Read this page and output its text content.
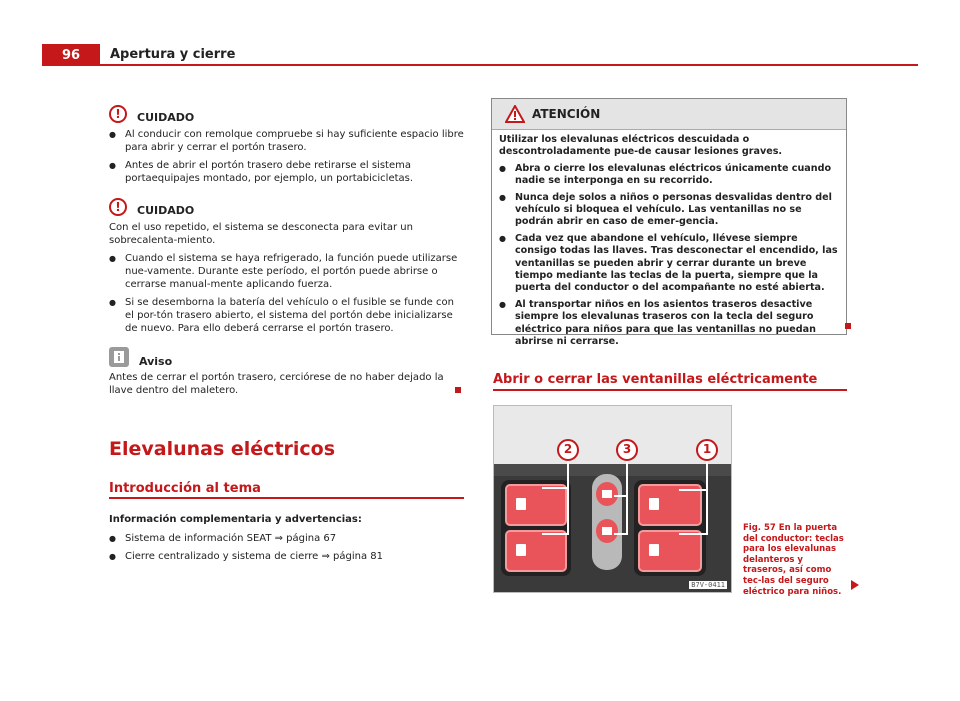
96	Apertura y cierre
!	CUIDADO
● Al conducir con remolque compruebe si hay suficiente espacio libre para abrir y cerrar el portón trasero.
● Antes de abrir el portón trasero debe retirarse el sistema portaequipajes montado, por ejemplo, un portabicicletas.
!	CUIDADO
Con el uso repetido, el sistema se desconecta para evitar un sobrecalenta-miento.
● Cuando el sistema se haya refrigerado, la función puede utilizarse nue-vamente. Durante este período, el portón puede abrirse o cerrarse manual-mente aplicando fuerza.
● Si se desemborna la batería del vehículo o el fusible se funde con el por-tón trasero abierto, el sistema del portón debe inicializarse de nuevo. Para ello deberá cerrarse el portón trasero.
Aviso
Antes de cerrar el portón trasero, cerciórese de no haber dejado la llave dentro del maletero.
Elevalunas eléctricos
Introducción al tema
Información complementaria y advertencias:
● Sistema de información SEAT ⇒ página 67
● Cierre centralizado y sistema de cierre ⇒ página 81
ATENCIÓN
Utilizar los elevalunas eléctricos descuidada o descontroladamente pue-de causar lesiones graves.
● Abra o cierre los elevalunas eléctricos únicamente cuando nadie se interponga en su recorrido.
● Nunca deje solos a niños o personas desvalidas dentro del vehículo si bloquea el vehículo. Las ventanillas no se podrán abrir en caso de emer-gencia.
● Cada vez que abandone el vehículo, llévese siempre consigo todas las llaves. Tras desconectar el encendido, las ventanillas se pueden abrir y cerrar durante un breve tiempo mediante las teclas de la puerta, siempre que la puerta del conductor o del acompañante no esté abierta.
● Al transportar niños en los asientos traseros desactive siempre los elevalunas traseros con la tecla del seguro eléctrico para niños para que las ventanillas no puedan abrirse ni cerrarse.
Abrir o cerrar las ventanillas eléctricamente
2	3	1
B7V-0411
Fig. 57 En la puerta del conductor: teclas para los elevalunas delanteros y traseros, así como tec-las del seguro eléctrico para niños.
